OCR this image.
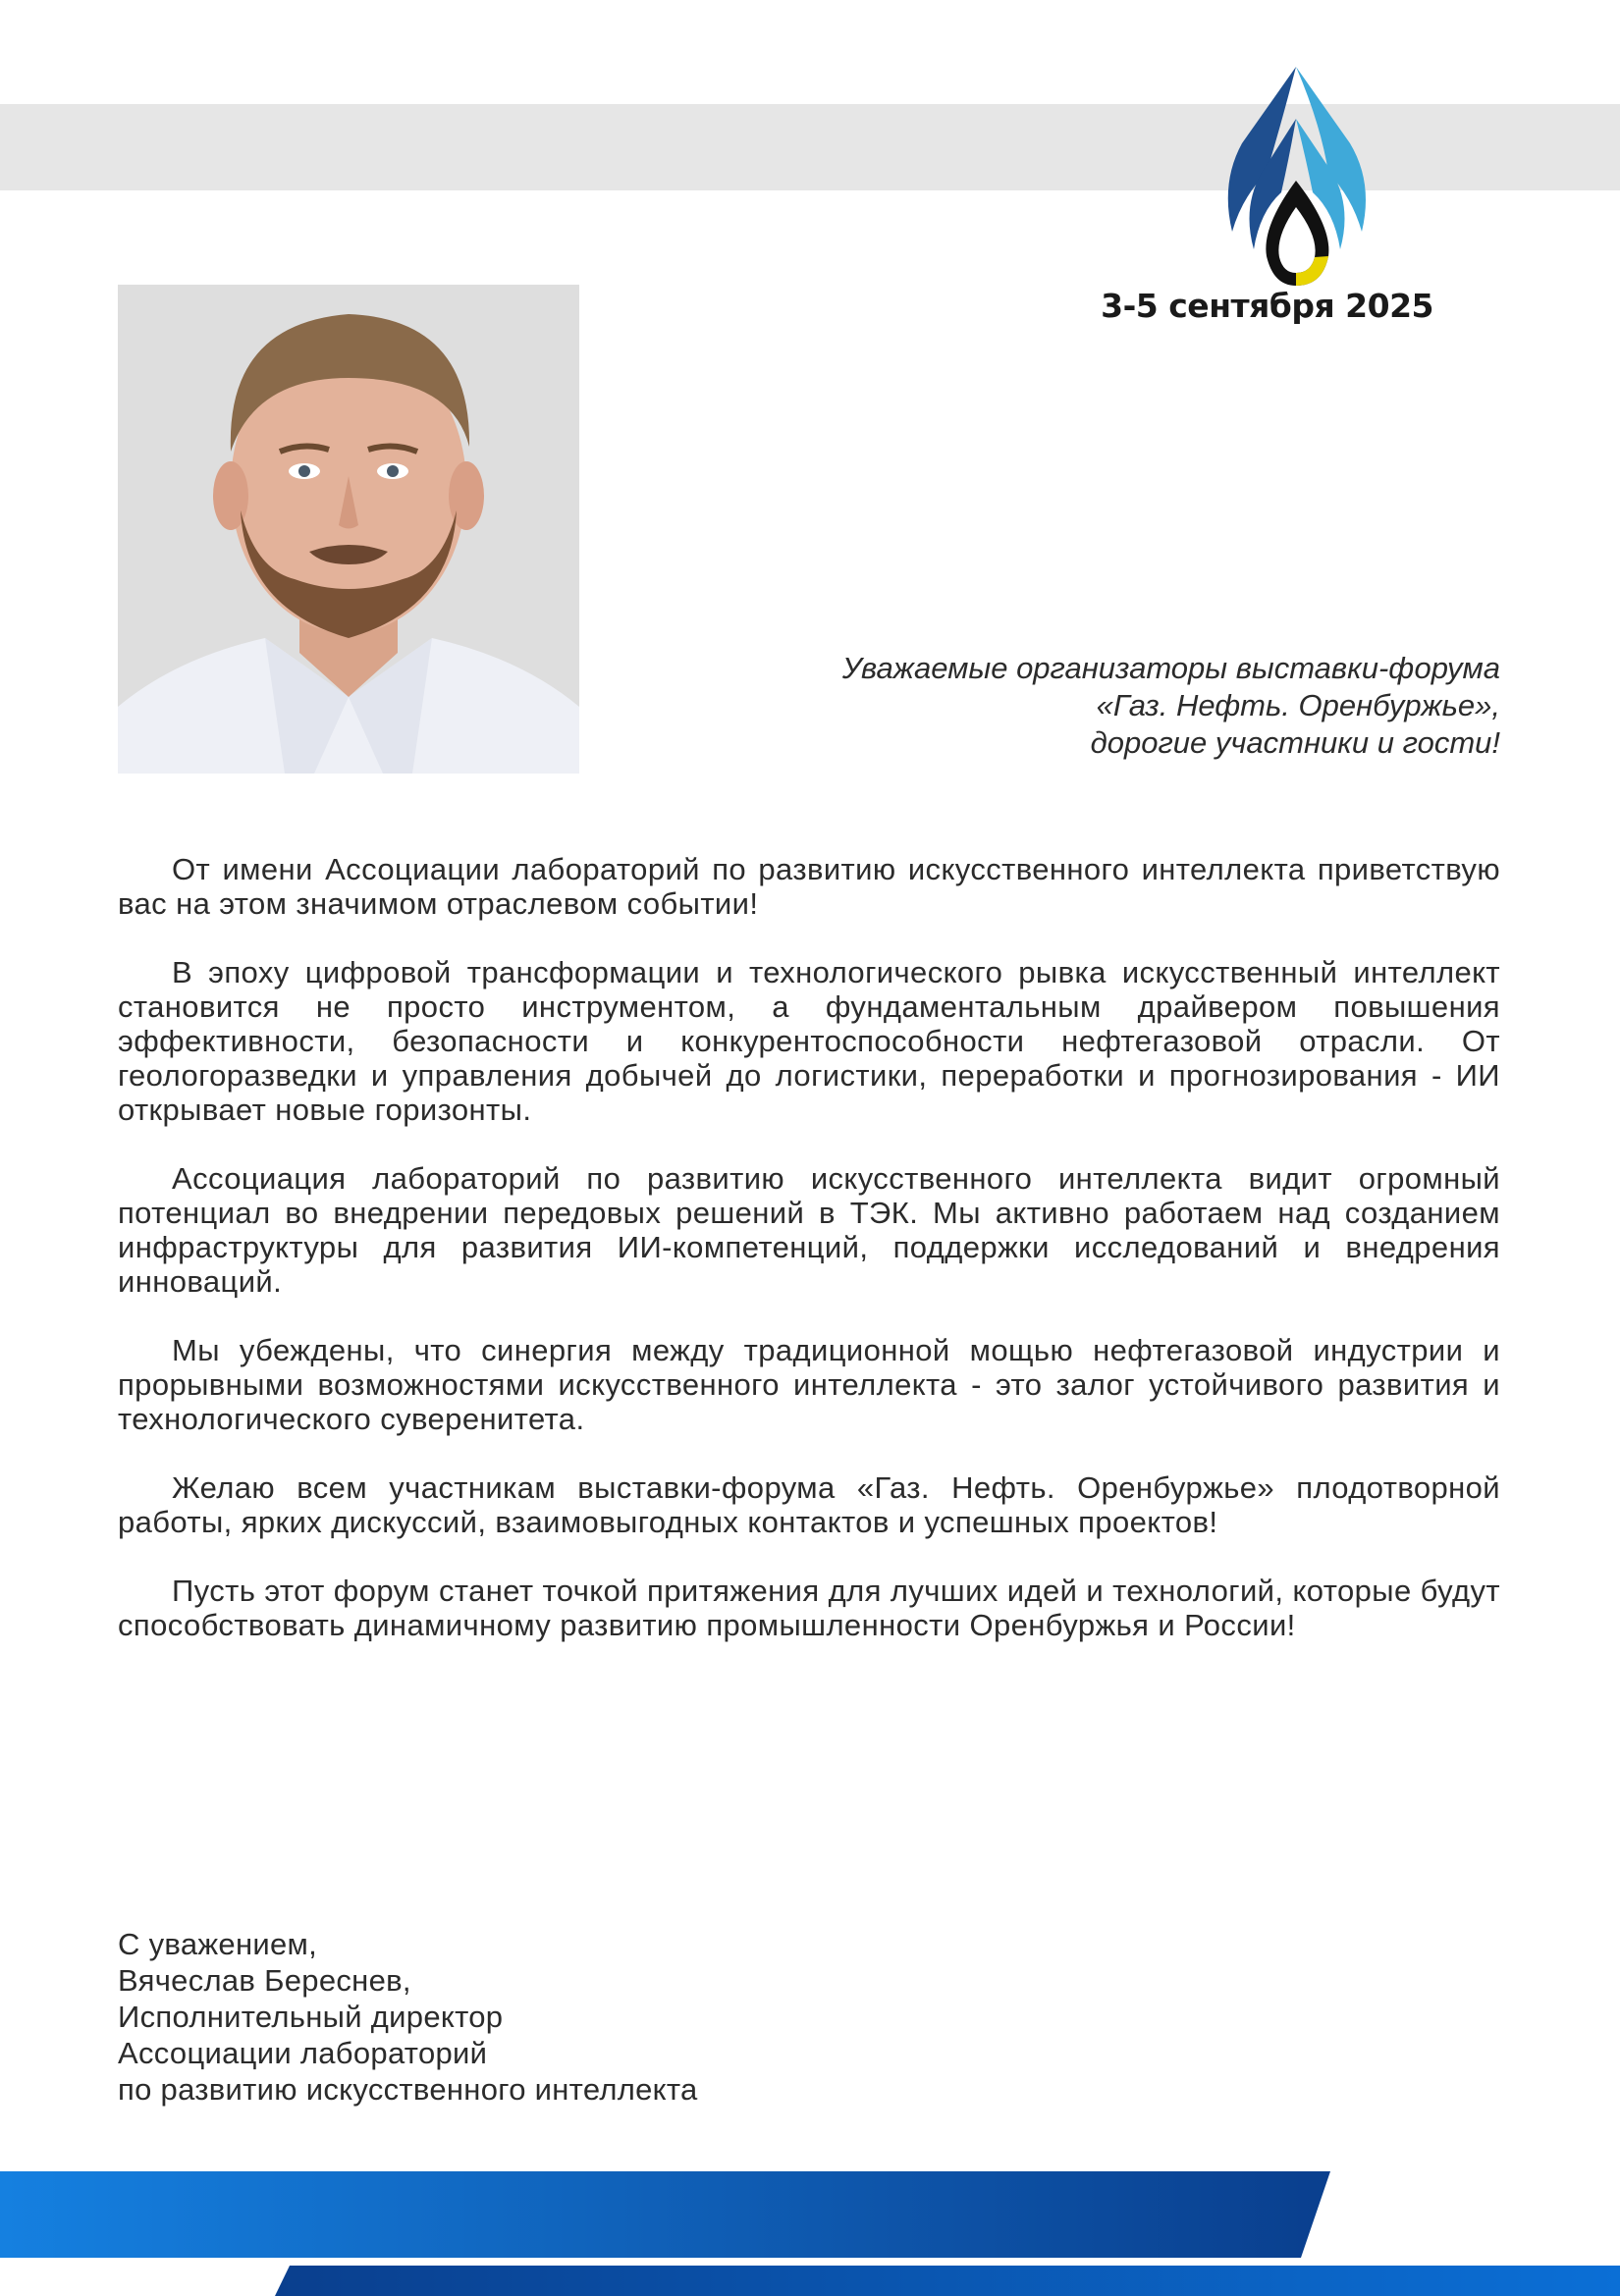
3-5 сентября 2025
Уважаемые организаторы выставки-форума
«Газ. Нефть. Оренбуржье»,
дорогие участники и гости!

От имени Ассоциации лабораторий по развитию искусственного интеллекта приветствую вас на этом значимом отраслевом событии!

В эпоху цифровой трансформации и технологического рывка искусственный интеллект становится не просто инструментом, а фундаментальным драйвером повышения эффективности, безопасности и конкурентоспособности нефтегазовой отрасли. От геологоразведки и управления добычей до логистики, переработки и прогнозирования - ИИ открывает новые горизонты.

Ассоциация лабораторий по развитию искусственного интеллекта видит огромный потенциал во внедрении передовых решений в ТЭК. Мы активно работаем над созданием инфраструктуры для развития ИИ-компетенций, поддержки исследований и внедрения инноваций.

Мы убеждены, что синергия между традиционной мощью нефтегазовой индустрии и прорывными возможностями искусственного интеллекта - это залог устойчивого развития и технологического суверенитета.

Желаю всем участникам выставки-форума «Газ. Нефть. Оренбуржье» плодотворной работы, ярких дискуссий, взаимовыгодных контактов и успешных проектов!

Пусть этот форум станет точкой притяжения для лучших идей и технологий, которые будут способствовать динамичному развитию промышленности Оренбуржья и России!

С уважением,
Вячеслав Береснев,
Исполнительный директор
Ассоциации лабораторий
по развитию искусственного интеллекта
